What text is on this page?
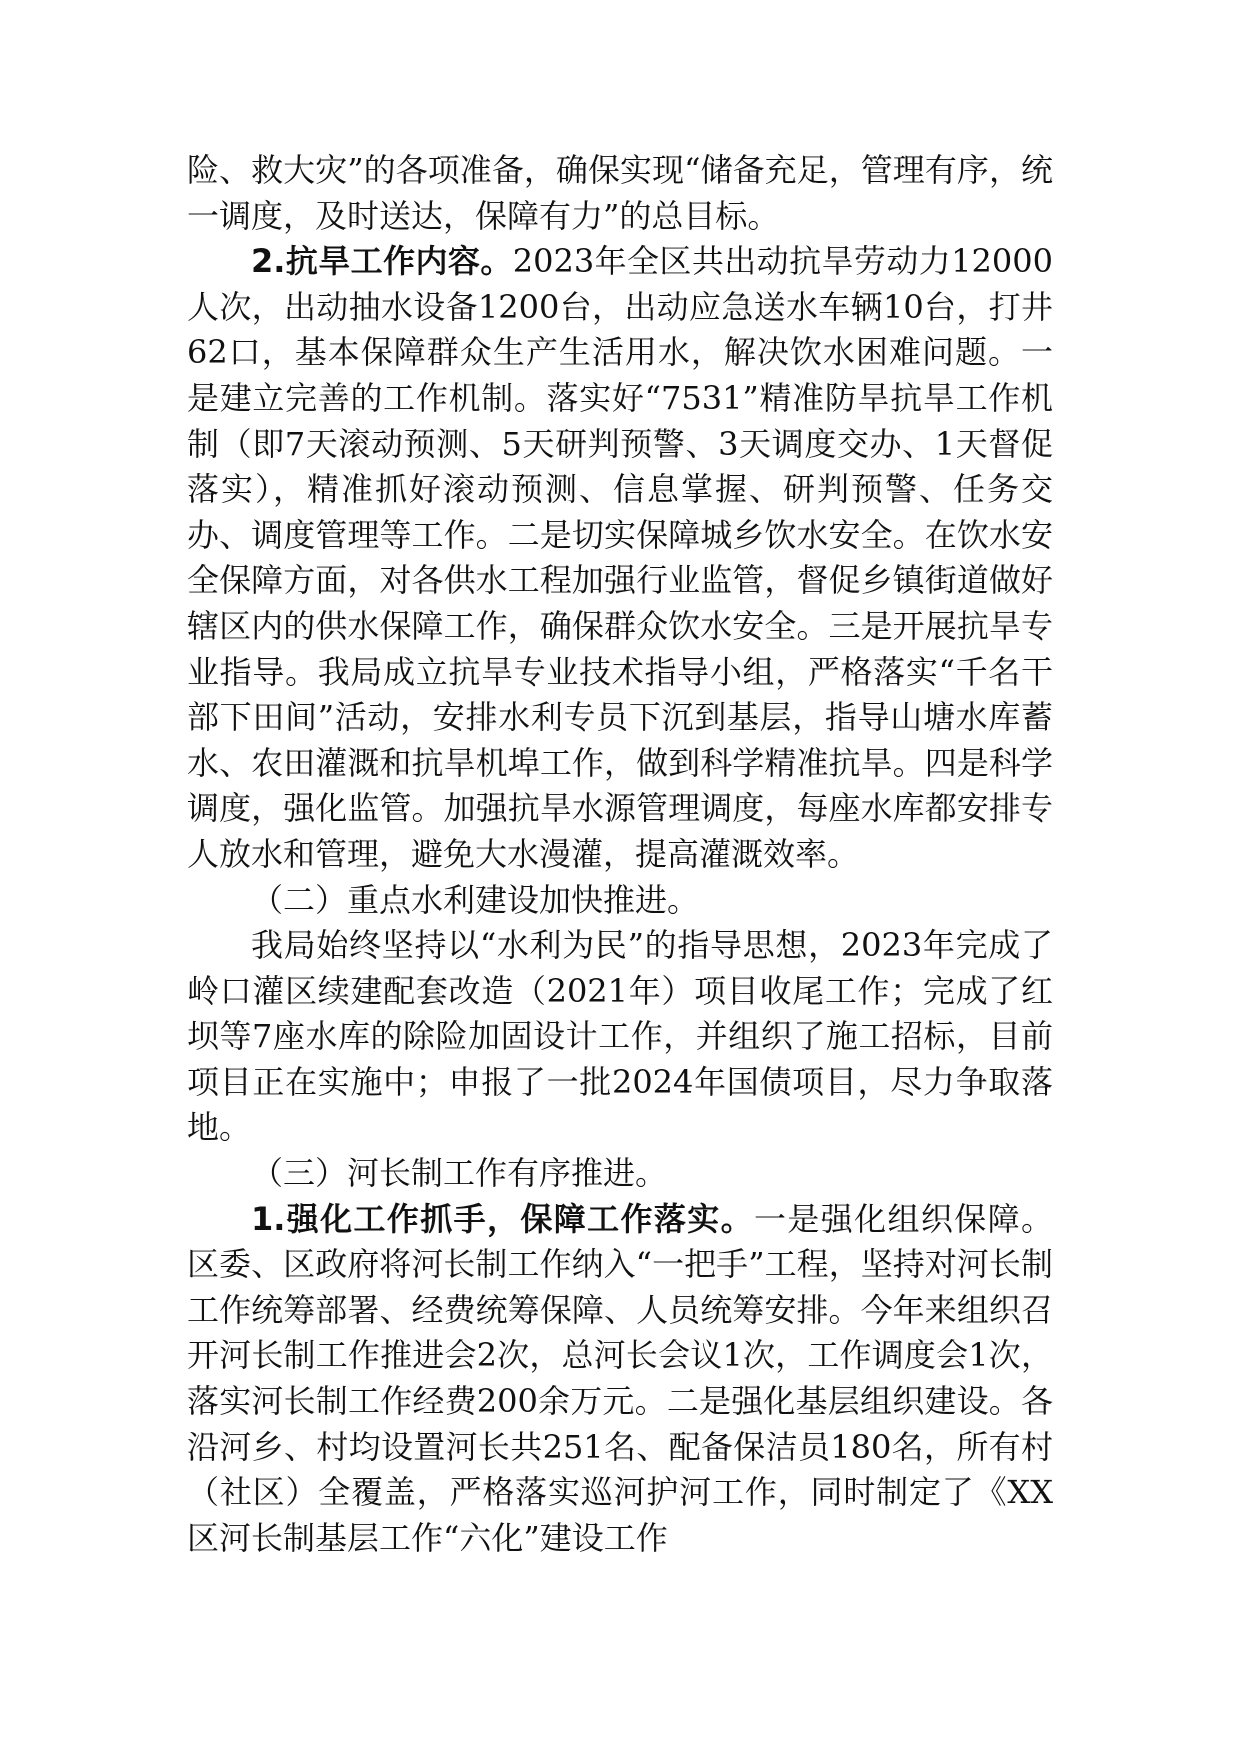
险、救大灾”的各项准备，确保实现“储备充足，管理有序，统一调度，及时送达，保障有力”的总目标。

2.抗旱工作内容。2023年全区共出动抗旱劳动力12000人次，出动抽水设备1200台，出动应急送水车辆10台，打井62口，基本保障群众生产生活用水，解决饮水困难问题。一是建立完善的工作机制。落实好“7531”精准防旱抗旱工作机制（即7天滚动预测、5天研判预警、3天调度交办、1天督促落实），精准抓好滚动预测、信息掌握、研判预警、任务交办、调度管理等工作。二是切实保障城乡饮水安全。在饮水安全保障方面，对各供水工程加强行业监管，督促乡镇街道做好辖区内的供水保障工作，确保群众饮水安全。三是开展抗旱专业指导。我局成立抗旱专业技术指导小组，严格落实“千名干部下田间”活动，安排水利专员下沉到基层，指导山塘水库蓄水、农田灌溉和抗旱机埠工作，做到科学精准抗旱。四是科学调度，强化监管。加强抗旱水源管理调度，每座水库都安排专人放水和管理，避免大水漫灌，提高灌溉效率。

（二）重点水利建设加快推进。

我局始终坚持以“水利为民”的指导思想，2023年完成了岭口灌区续建配套改造（2021年）项目收尾工作；完成了红坝等7座水库的除险加固设计工作，并组织了施工招标，目前项目正在实施中；申报了一批2024年国债项目，尽力争取落地。

（三）河长制工作有序推进。

1.强化工作抓手，保障工作落实。一是强化组织保障。区委、区政府将河长制工作纳入“一把手”工程，坚持对河长制工作统筹部署、经费统筹保障、人员统筹安排。今年来组织召开河长制工作推进会2次，总河长会议1次，工作调度会1次，落实河长制工作经费200余万元。二是强化基层组织建设。各沿河乡、村均设置河长共251名、配备保洁员180名，所有村（社区）全覆盖，严格落实巡河护河工作，同时制定了《XX区河长制基层工作“六化”建设工作
